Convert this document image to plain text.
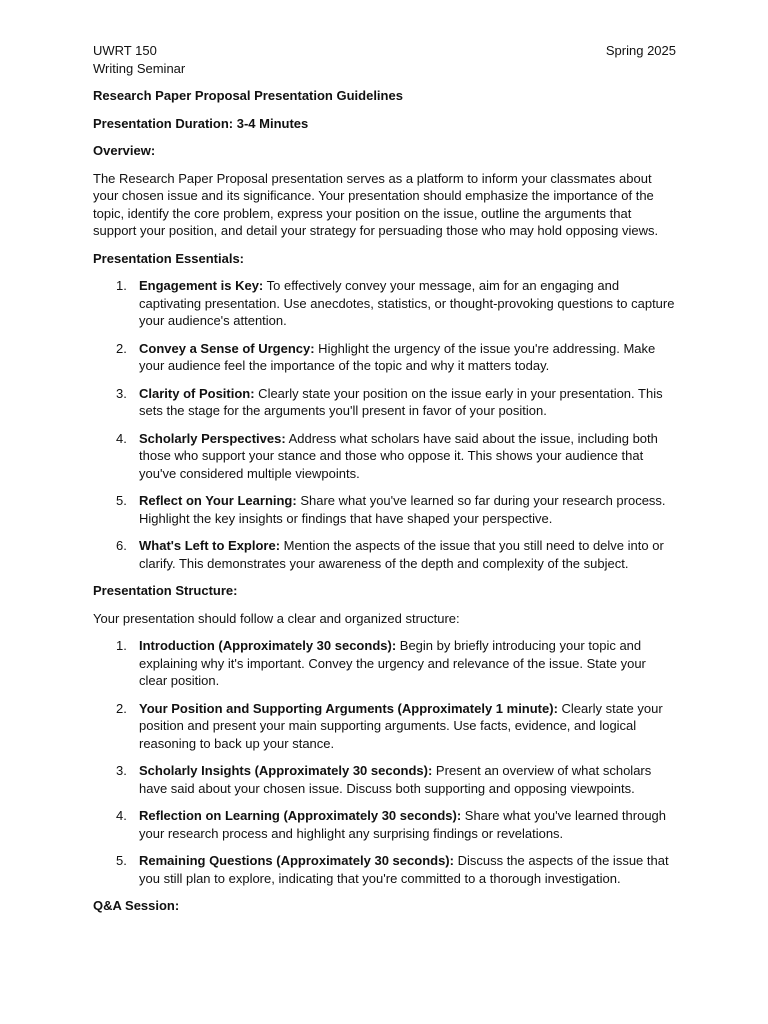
UWRT 150
Writing Seminar
Spring 2025

Research Paper Proposal Presentation Guidelines

Presentation Duration: 3-4 Minutes

Overview:

The Research Paper Proposal presentation serves as a platform to inform your classmates about your chosen issue and its significance. Your presentation should emphasize the importance of the topic, identify the core problem, express your position on the issue, outline the arguments that support your position, and detail your strategy for persuading those who may hold opposing views.

Presentation Essentials:

1. Engagement is Key: To effectively convey your message, aim for an engaging and captivating presentation. Use anecdotes, statistics, or thought-provoking questions to capture your audience's attention.
2. Convey a Sense of Urgency: Highlight the urgency of the issue you're addressing. Make your audience feel the importance of the topic and why it matters today.
3. Clarity of Position: Clearly state your position on the issue early in your presentation. This sets the stage for the arguments you'll present in favor of your position.
4. Scholarly Perspectives: Address what scholars have said about the issue, including both those who support your stance and those who oppose it. This shows your audience that you've considered multiple viewpoints.
5. Reflect on Your Learning: Share what you've learned so far during your research process. Highlight the key insights or findings that have shaped your perspective.
6. What's Left to Explore: Mention the aspects of the issue that you still need to delve into or clarify. This demonstrates your awareness of the depth and complexity of the subject.

Presentation Structure:

Your presentation should follow a clear and organized structure:

1. Introduction (Approximately 30 seconds): Begin by briefly introducing your topic and explaining why it's important. Convey the urgency and relevance of the issue. State your clear position.
2. Your Position and Supporting Arguments (Approximately 1 minute): Clearly state your position and present your main supporting arguments. Use facts, evidence, and logical reasoning to back up your stance.
3. Scholarly Insights (Approximately 30 seconds): Present an overview of what scholars have said about your chosen issue. Discuss both supporting and opposing viewpoints.
4. Reflection on Learning (Approximately 30 seconds): Share what you've learned through your research process and highlight any surprising findings or revelations.
5. Remaining Questions (Approximately 30 seconds): Discuss the aspects of the issue that you still plan to explore, indicating that you're committed to a thorough investigation.

Q&A Session:
